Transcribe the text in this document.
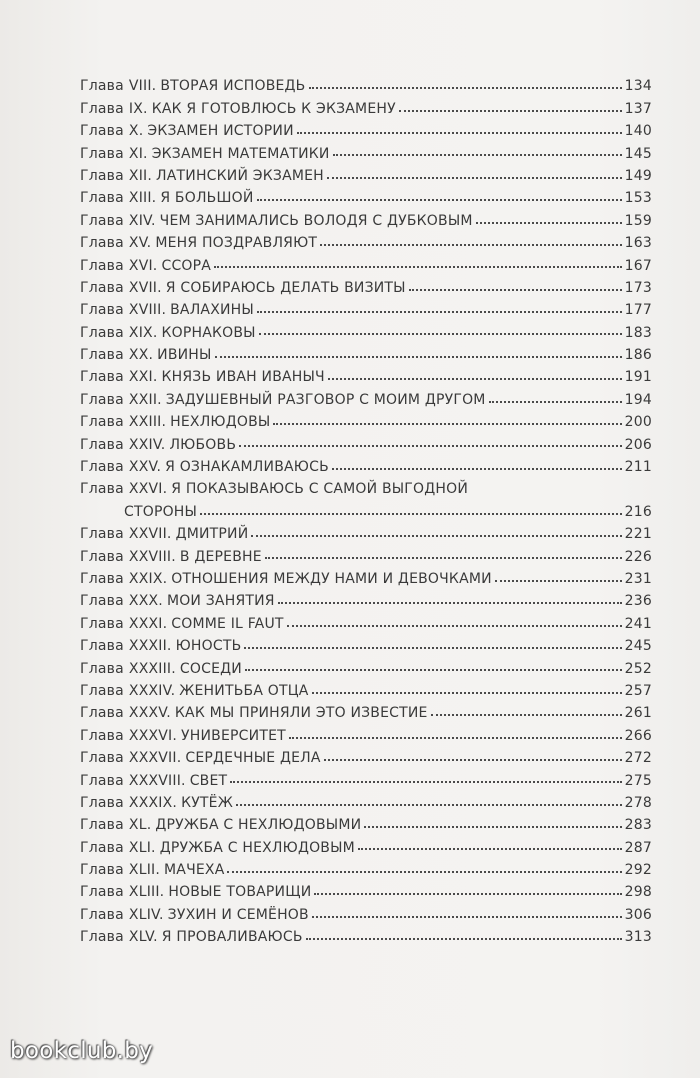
Глава VIII. ВТОРАЯ ИСПОВЕДЬ	134
Глава IX. КАК Я ГОТОВЛЮСЬ К ЭКЗАМЕНУ	137
Глава X. ЭКЗАМЕН ИСТОРИИ	140
Глава XI. ЭКЗАМЕН МАТЕМАТИКИ	145
Глава XII. ЛАТИНСКИЙ ЭКЗАМЕН	149
Глава XIII. Я БОЛЬШОЙ	153
Глава XIV. ЧЕМ ЗАНИМАЛИСЬ ВОЛОДЯ С ДУБКОВЫМ	159
Глава XV. МЕНЯ ПОЗДРАВЛЯЮТ	163
Глава XVI. ССОРА	167
Глава XVII. Я СОБИРАЮСЬ ДЕЛАТЬ ВИЗИТЫ	173
Глава XVIII. ВАЛАХИНЫ	177
Глава XIX. КОРНАКОВЫ	183
Глава XX. ИВИНЫ	186
Глава XXI. КНЯЗЬ ИВАН ИВАНЫЧ	191
Глава XXII. ЗАДУШЕВНЫЙ РАЗГОВОР С МОИМ ДРУГОМ	194
Глава XXIII. НЕХЛЮДОВЫ	200
Глава XXIV. ЛЮБОВЬ	206
Глава XXV. Я ОЗНАКАМЛИВАЮСЬ	211
Глава XXVI. Я ПОКАЗЫВАЮСЬ С САМОЙ ВЫГОДНОЙ
СТОРОНЫ	216
Глава XXVII. ДМИТРИЙ	221
Глава XXVIII. В ДЕРЕВНЕ	226
Глава XXIX. ОТНОШЕНИЯ МЕЖДУ НАМИ И ДЕВОЧКАМИ	231
Глава XXX. МОИ ЗАНЯТИЯ	236
Глава XXXI. COMME IL FAUT	241
Глава XXXII. ЮНОСТЬ	245
Глава XXXIII. СОСЕДИ	252
Глава XXXIV. ЖЕНИТЬБА ОТЦА	257
Глава XXXV. КАК МЫ ПРИНЯЛИ ЭТО ИЗВЕСТИЕ	261
Глава XXXVI. УНИВЕРСИТЕТ	266
Глава XXXVII. СЕРДЕЧНЫЕ ДЕЛА	272
Глава XXXVIII. СВЕТ	275
Глава XXXIX. КУТЁЖ	278
Глава XL. ДРУЖБА С НЕХЛЮДОВЫМИ	283
Глава XLI. ДРУЖБА С НЕХЛЮДОВЫМ	287
Глава XLII. МАЧЕХА	292
Глава XLIII. НОВЫЕ ТОВАРИЩИ	298
Глава XLIV. ЗУХИН И СЕМЁНОВ	306
Глава XLV. Я ПРОВАЛИВАЮСЬ	313
bookclub.by
